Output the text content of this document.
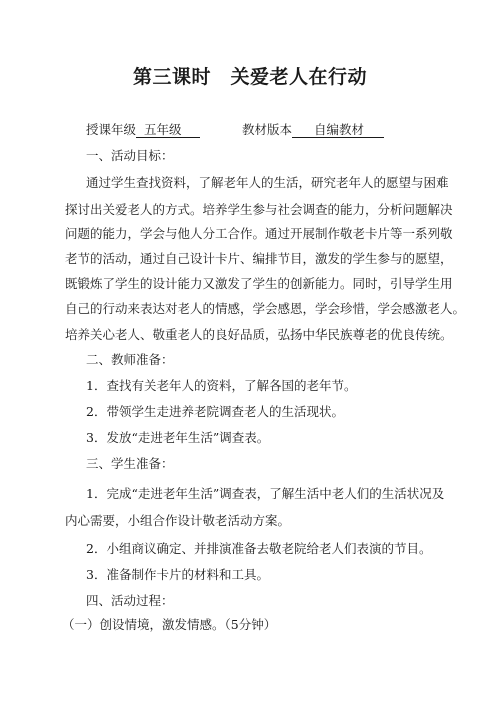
第三课时　关爱老人在行动
授课年级 五年级	教材版本 自编教材
一、活动目标：
通过学生查找资料，了解老年人的生活，研究老年人的愿望与困难
探讨出关爱老人的方式。培养学生参与社会调查的能力，分析问题解决
问题的能力，学会与他人分工合作。通过开展制作敬老卡片等一系列敬
老节的活动，通过自己设计卡片、编排节目，激发的学生参与的愿望，
既锻炼了学生的设计能力又激发了学生的创新能力。同时，引导学生用
自己的行动来表达对老人的情感，学会感恩，学会珍惜，学会感激老人。
培养关心老人、敬重老人的良好品质，弘扬中华民族尊老的优良传统。
二、教师准备：
1．查找有关老年人的资料，了解各国的老年节。
2．带领学生走进养老院调查老人的生活现状。
3．发放“走进老年生活”调查表。
三、学生准备：
1．完成“走进老年生活”调查表，了解生活中老人们的生活状况及
内心需要，小组合作设计敬老活动方案。
2．小组商议确定、并排演准备去敬老院给老人们表演的节目。
3．准备制作卡片的材料和工具。
四、活动过程：
（一）创设情境，激发情感。（5分钟）
